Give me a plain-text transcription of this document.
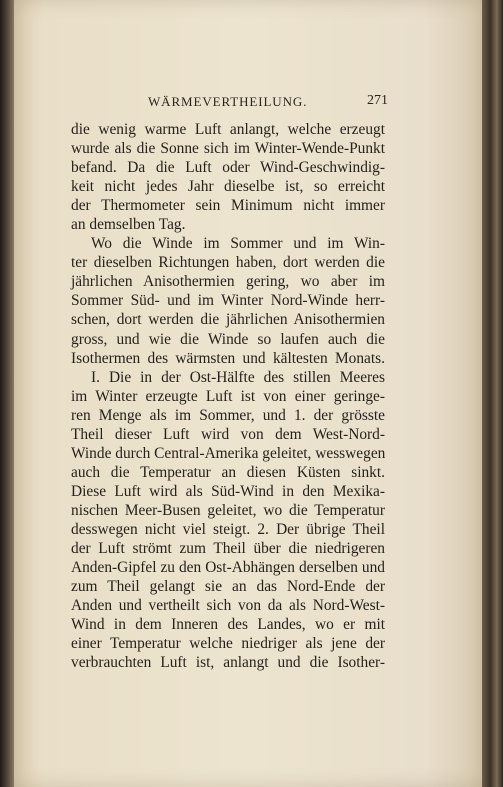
WÄRMEVERTHEILUNG.	271
die wenig warme Luft anlangt, welche erzeugt
wurde als die Sonne sich im Winter-Wende-Punkt
befand. Da die Luft oder Wind-Geschwindig-
keit nicht jedes Jahr dieselbe ist, so erreicht
der Thermometer sein Minimum nicht immer
an demselben Tag.
Wo die Winde im Sommer und im Win-
ter dieselben Richtungen haben, dort werden die
jährlichen Anisothermien gering, wo aber im
Sommer Süd- und im Winter Nord-Winde herr-
schen, dort werden die jährlichen Anisothermien
gross, und wie die Winde so laufen auch die
Isothermen des wärmsten und kältesten Monats.
I. Die in der Ost-Hälfte des stillen Meeres
im Winter erzeugte Luft ist von einer geringe-
ren Menge als im Sommer, und 1. der grösste
Theil dieser Luft wird von dem West-Nord-
Winde durch Central-Amerika geleitet, wesswegen
auch die Temperatur an diesen Küsten sinkt.
Diese Luft wird als Süd-Wind in den Mexika-
nischen Meer-Busen geleitet, wo die Temperatur
desswegen nicht viel steigt. 2. Der übrige Theil
der Luft strömt zum Theil über die niedrigeren
Anden-Gipfel zu den Ost-Abhängen derselben und
zum Theil gelangt sie an das Nord-Ende der
Anden und vertheilt sich von da als Nord-West-
Wind in dem Inneren des Landes, wo er mit
einer Temperatur welche niedriger als jene der
verbrauchten Luft ist, anlangt und die Isother-
